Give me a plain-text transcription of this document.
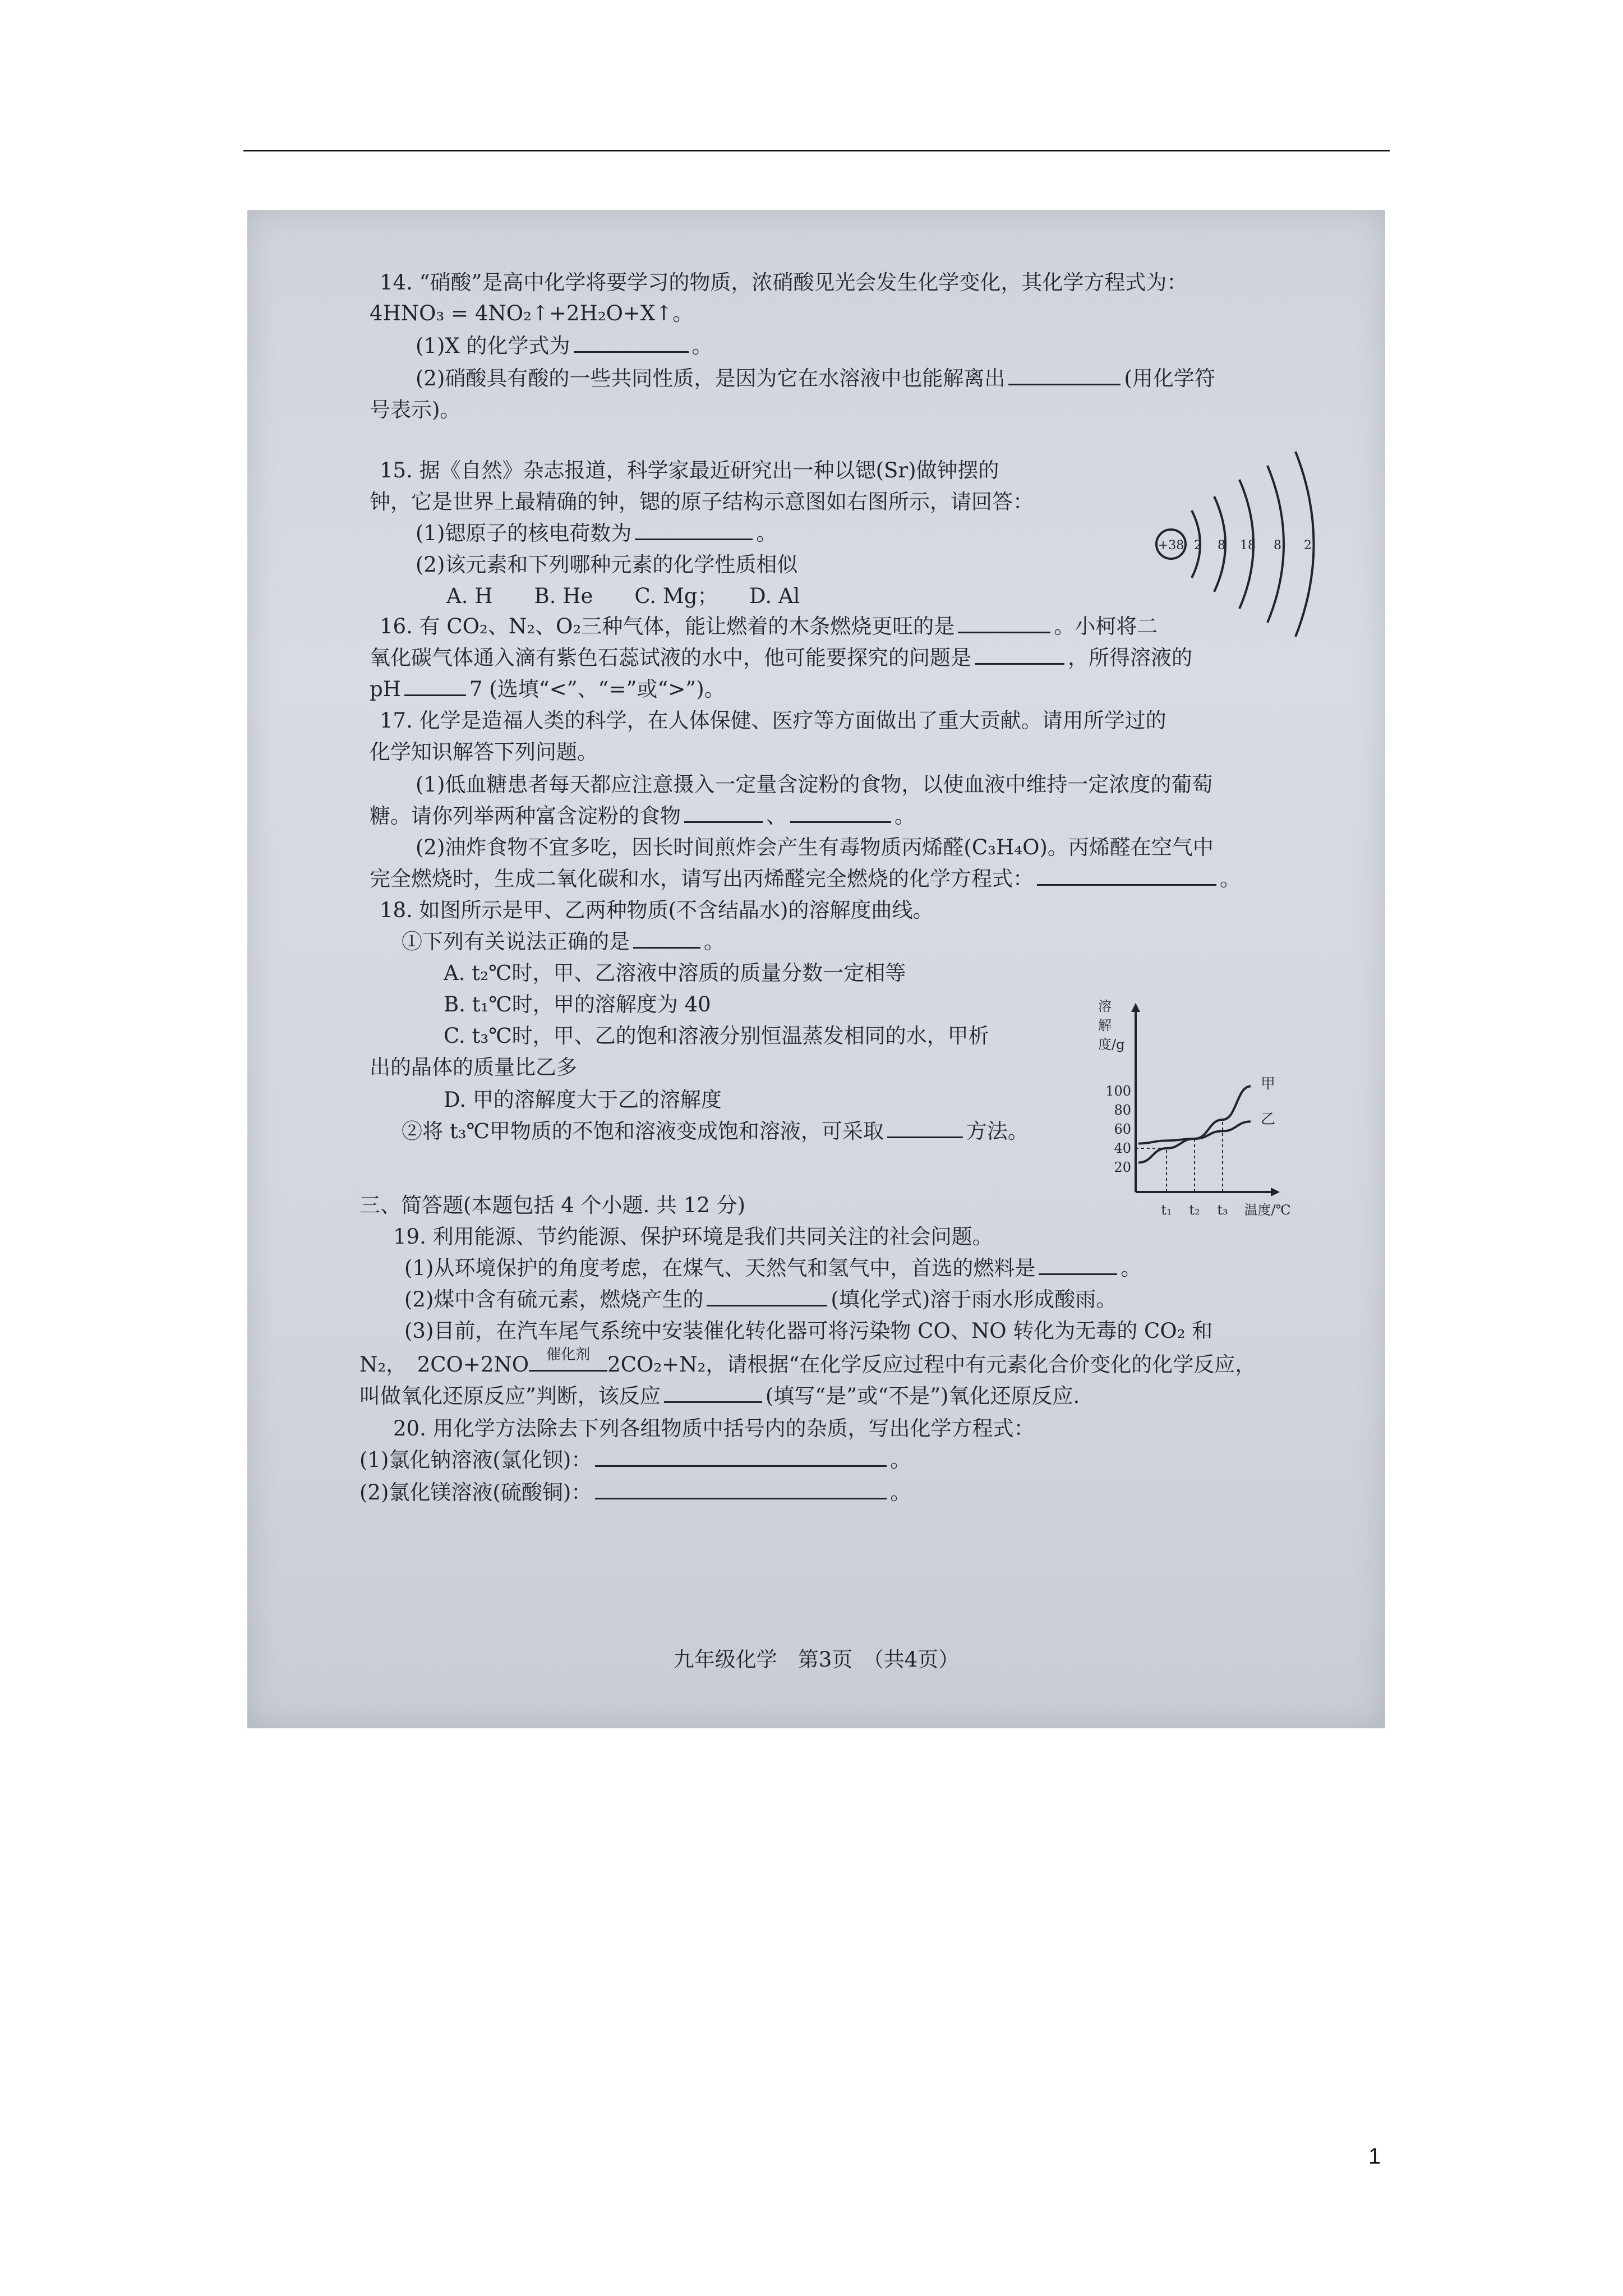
14. “硝酸”是高中化学将要学习的物质，浓硝酸见光会发生化学变化，其化学方程式为：
4HNO₃ = 4NO₂↑+2H₂O+X↑。
(1)X 的化学式为	。
(2)硝酸具有酸的一些共同性质，是因为它在水溶液中也能解离出	(用化学符
号表示)。
15. 据《自然》杂志报道，科学家最近研究出一种以锶(Sr)做钟摆的
钟，它是世界上最精确的钟，锶的原子结构示意图如右图所示，请回答：
(1)锶原子的核电荷数为	。
(2)该元素和下列哪种元素的化学性质相似
A. H　　B. He　　C. Mg；　　D. Al
16. 有 CO₂、N₂、O₂三种气体，能让燃着的木条燃烧更旺的是	。小柯将二
氧化碳气体通入滴有紫色石蕊试液的水中，他可能要探究的问题是	，所得溶液的
pH	7 (选填“<”、“=”或“>”)。
17. 化学是造福人类的科学，在人体保健、医疗等方面做出了重大贡献。请用所学过的
化学知识解答下列问题。
(1)低血糖患者每天都应注意摄入一定量含淀粉的食物，以使血液中维持一定浓度的葡萄
糖。请你列举两种富含淀粉的食物	、	。
(2)油炸食物不宜多吃，因长时间煎炸会产生有毒物质丙烯醛(C₃H₄O)。丙烯醛在空气中
完全燃烧时，生成二氧化碳和水，请写出丙烯醛完全燃烧的化学方程式：	。
18. 如图所示是甲、乙两种物质(不含结晶水)的溶解度曲线。
①下列有关说法正确的是	。
A. t₂℃时，甲、乙溶液中溶质的质量分数一定相等
B. t₁℃时，甲的溶解度为 40
C. t₃℃时，甲、乙的饱和溶液分别恒温蒸发相同的水，甲析
出的晶体的质量比乙多
D. 甲的溶解度大于乙的溶解度
②将 t₃℃甲物质的不饱和溶液变成饱和溶液，可采取	方法。
三、简答题(本题包括 4 个小题. 共 12 分)
19. 利用能源、节约能源、保护环境是我们共同关注的社会问题。
(1)从环境保护的角度考虑，在煤气、天然气和氢气中，首选的燃料是	。
(2)煤中含有硫元素，燃烧产生的	(填化学式)溶于雨水形成酸雨。
(3)目前，在汽车尾气系统中安装催化转化器可将污染物 CO、NO 转化为无毒的 CO₂ 和
N₂，　2CO+2NO	催化剂 2CO₂+N₂，请根据“在化学反应过程中有元素化合价变化的化学反应，
叫做氧化还原反应”判断，该反应	(填写“是”或“不是”)氧化还原反应.
20. 用化学方法除去下列各组物质中括号内的杂质，写出化学方程式：
(1)氯化钠溶液(氯化钡)：	。
(2)氯化镁溶液(硫酸铜)：	。
九年级化学　第3页　（共4页）
+38 2 8 18 8 2
溶
解
度/g
20
40
60
80
100
t₁ t₂ t₃ 温度/℃
甲
乙
1
